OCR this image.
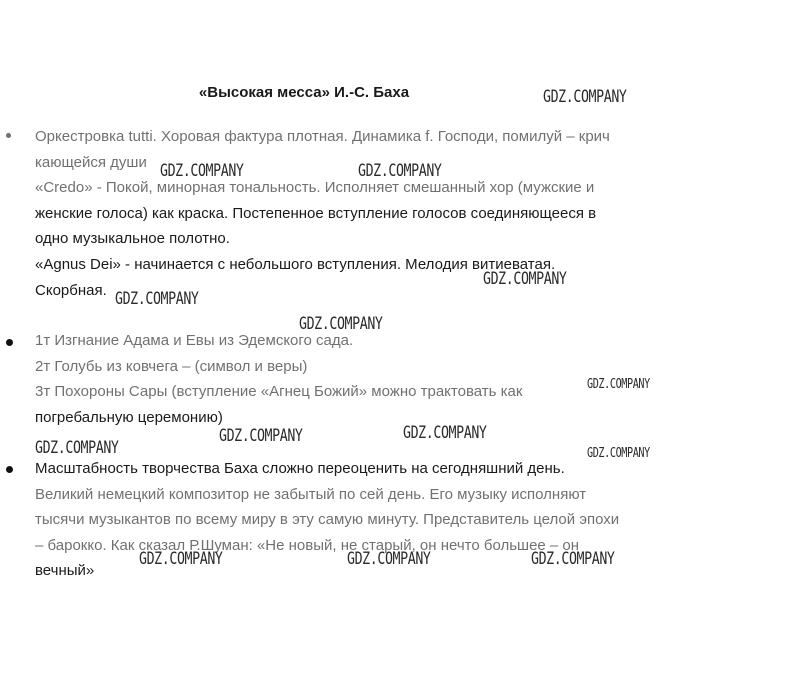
«Высокая месса» И.-С. Баха
Оркестровка tutti. Хоровая фактура плотная. Динамика f. Господи, помилуй – крич
кающейся души
«Credo» - Покой, минорная тональность. Исполняет смешанный хор (мужские и
женские голоса) как краска. Постепенное вступление голосов соединяющееся в
одно музыкальное полотно.
«Agnus Dei» - начинается с небольшого вступления. Мелодия витиеватая.
Скорбная.
1т Изгнание Адама и Евы из Эдемского сада.
2т Голубь из ковчега – (символ и веры)
3т Похороны Сары (вступление «Агнец Божий» можно трактовать как
погребальную церемонию)
Масштабность творчества Баха сложно переоценить на сегодняшний день.
Великий немецкий композитор не забытый по сей день. Его музыку исполняют
тысячи музыкантов по всему миру в эту самую минуту. Представитель целой эпохи
– барокко. Как сказал Р.Шуман: «Не новый, не старый, он нечто большее – он
вечный»
GDZ.COMPANY
GDZ.COMPANY	GDZ.COMPANY
GDZ.COMPANY
GDZ.COMPANY
GDZ.COMPANY
GDZ.COMPANY
GDZ.COMPANY	GDZ.COMPANY
GDZ.COMPANY	GDZ.COMPANY
GDZ.COMPANY	GDZ.COMPANY	GDZ.COMPANY
